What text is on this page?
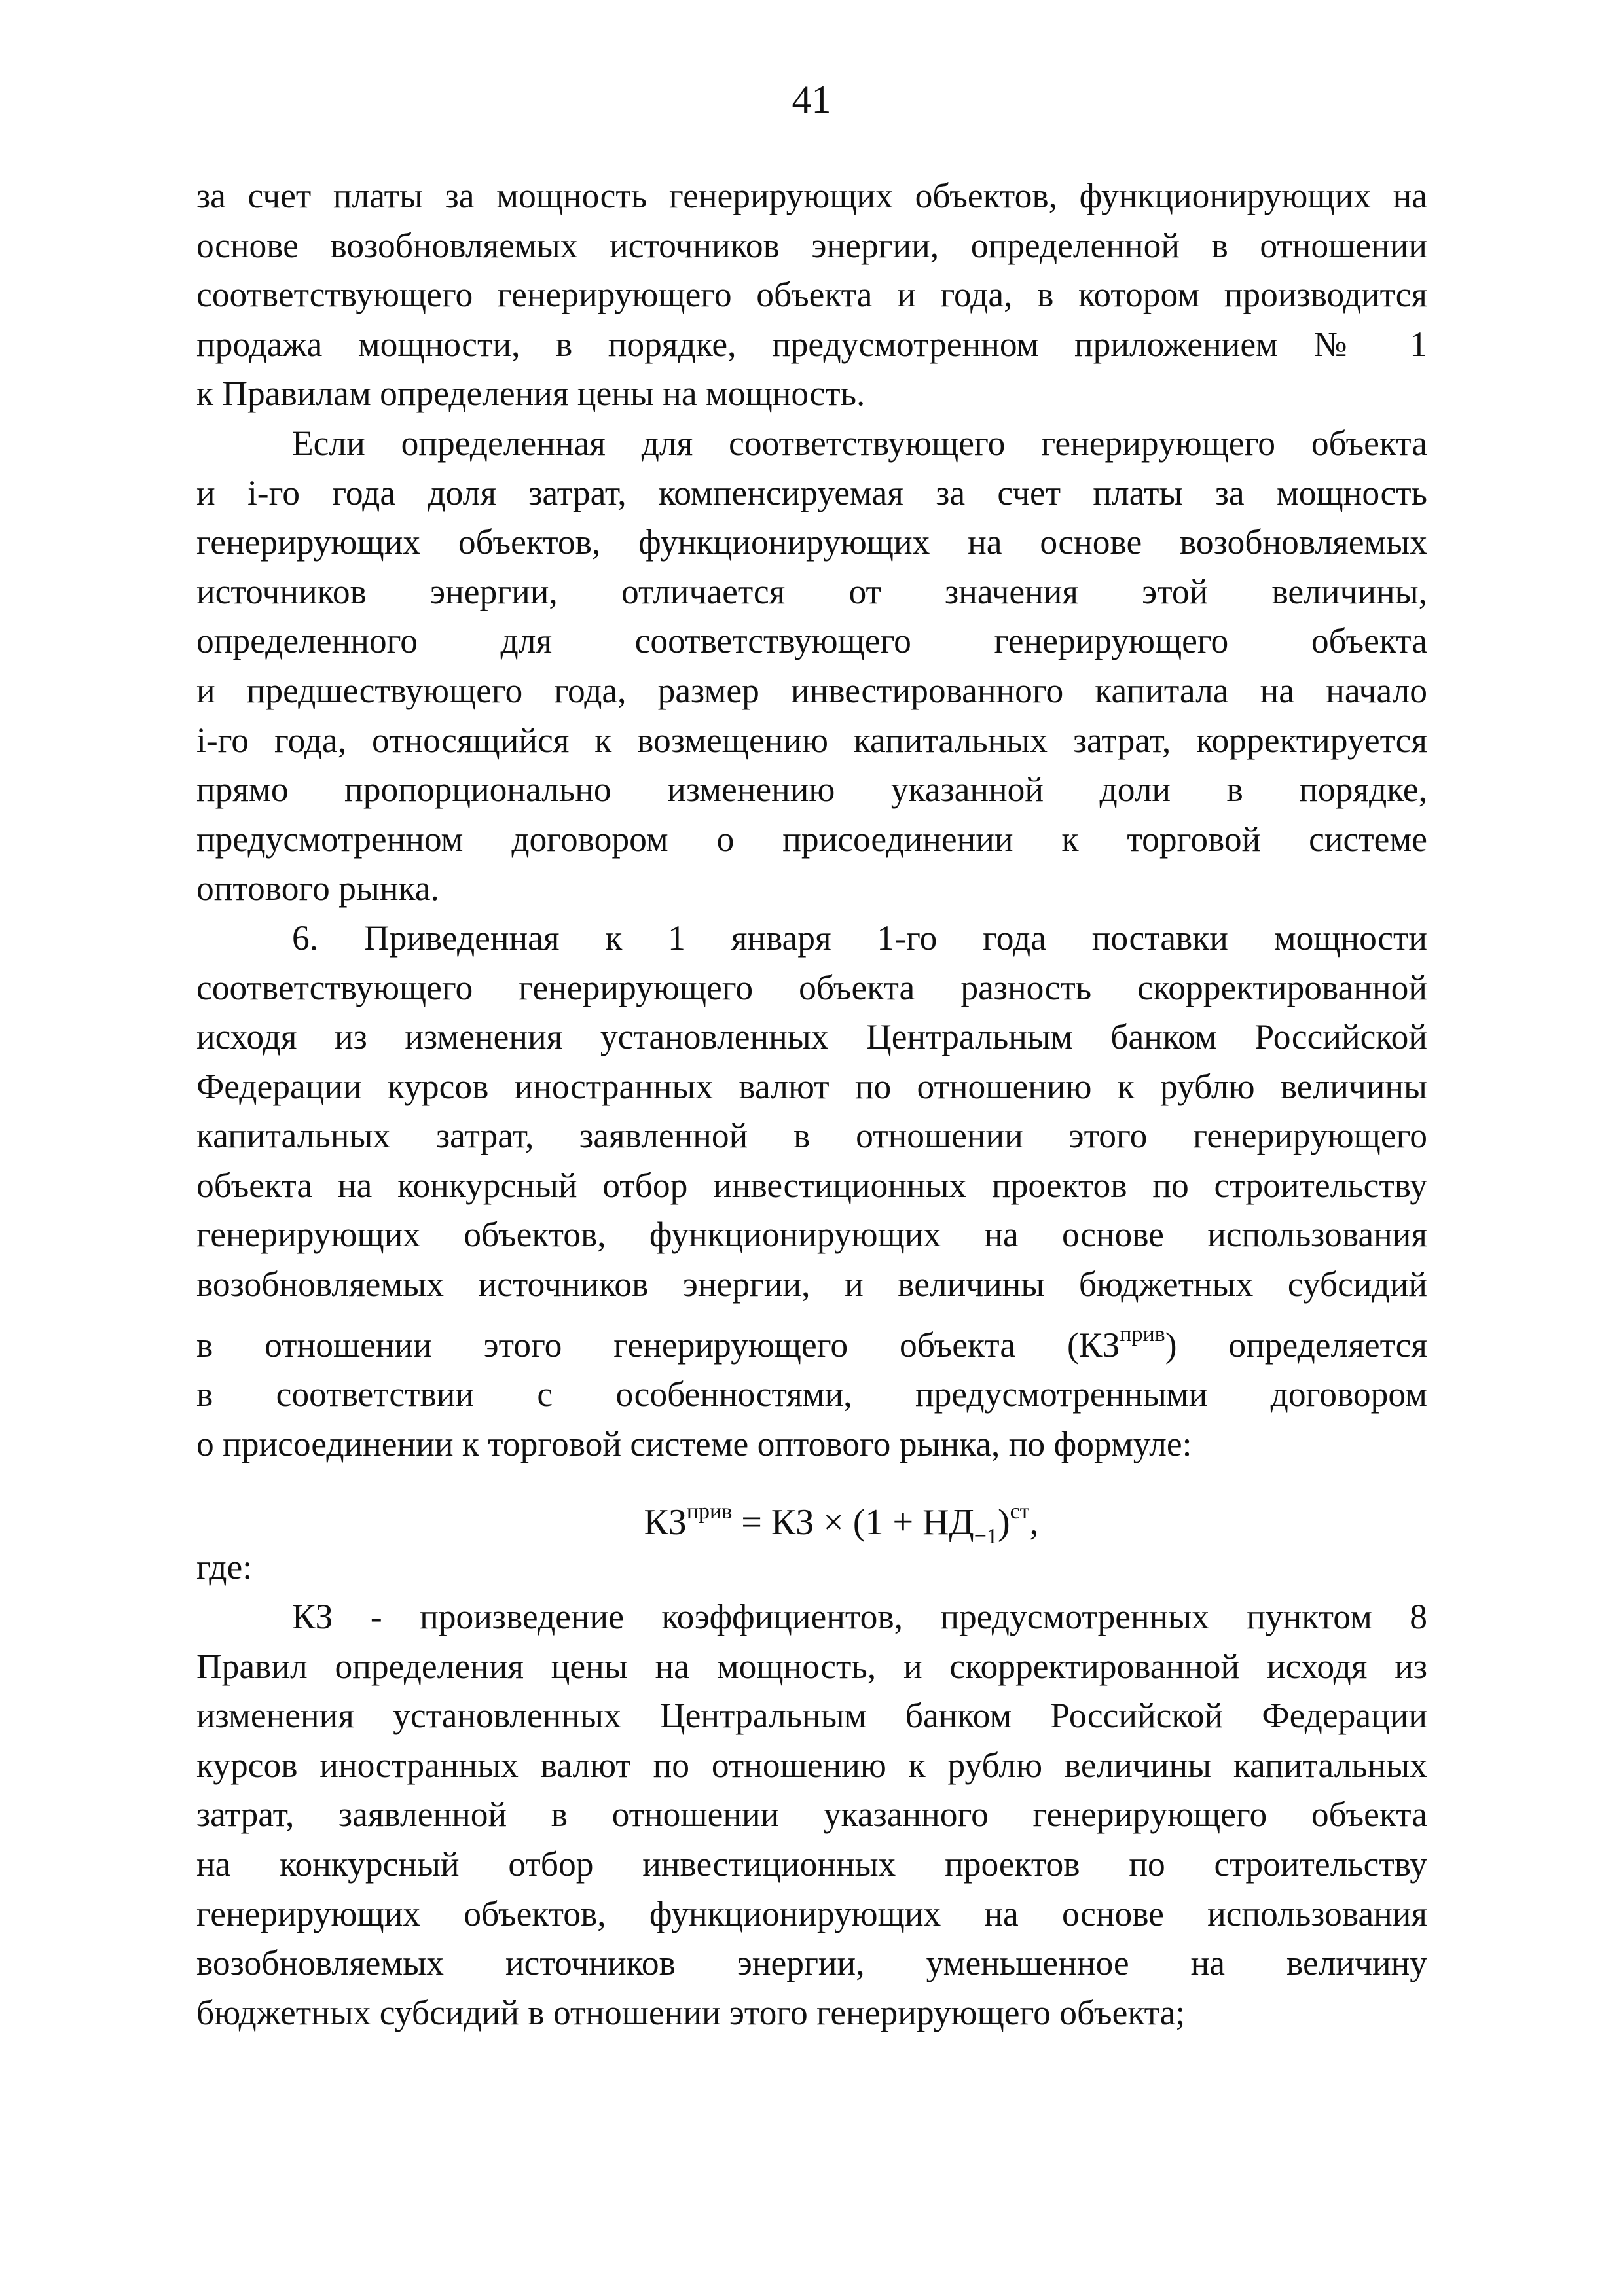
41

за счет платы за мощность генерирующих объектов, функционирующих на

основе возобновляемых источников энергии, определенной в отношении

соответствующего генерирующего объекта и года, в котором производится

продажа мощности, в порядке, предусмотренном приложением № 1

к Правилам определения цены на мощность.

Если определенная для соответствующего генерирующего объекта

и i-го года доля затрат, компенсируемая за счет платы за мощность

генерирующих объектов, функционирующих на основе возобновляемых

источников энергии, отличается от значения этой величины,

определенного для соответствующего генерирующего объекта

и предшествующего года, размер инвестированного капитала на начало

i-го года, относящийся к возмещению капитальных затрат, корректируется

прямо пропорционально изменению указанной доли в порядке,

предусмотренном договором о присоединении к торговой системе

оптового рынка.

6. Приведенная к 1 января 1-го года поставки мощности

соответствующего генерирующего объекта разность скорректированной

исходя из изменения установленных Центральным банком Российской

Федерации курсов иностранных валют по отношению к рублю величины

капитальных затрат, заявленной в отношении этого генерирующего

объекта на конкурсный отбор инвестиционных проектов по строительству

генерирующих объектов, функционирующих на основе использования

возобновляемых источников энергии, и величины бюджетных субсидий

в отношении этого генерирующего объекта $(КЗ^{прив})$ определяется

в соответствии с особенностями, предусмотренными договором

о присоединении к торговой системе оптового рынка, по формуле:

$КЗ^{прив}$ = КЗ × $(1 + НД_{-1})^{ст}$,

где:

КЗ - произведение коэффициентов, предусмотренных пунктом 8

Правил определения цены на мощность, и скорректированной исходя из

изменения установленных Центральным банком Российской Федерации

курсов иностранных валют по отношению к рублю величины капитальных

затрат, заявленной в отношении указанного генерирующего объекта

на конкурсный отбор инвестиционных проектов по строительству

генерирующих объектов, функционирующих на основе использования

возобновляемых источников энергии, уменьшенное на величину

бюджетных субсидий в отношении этого генерирующего объекта;
